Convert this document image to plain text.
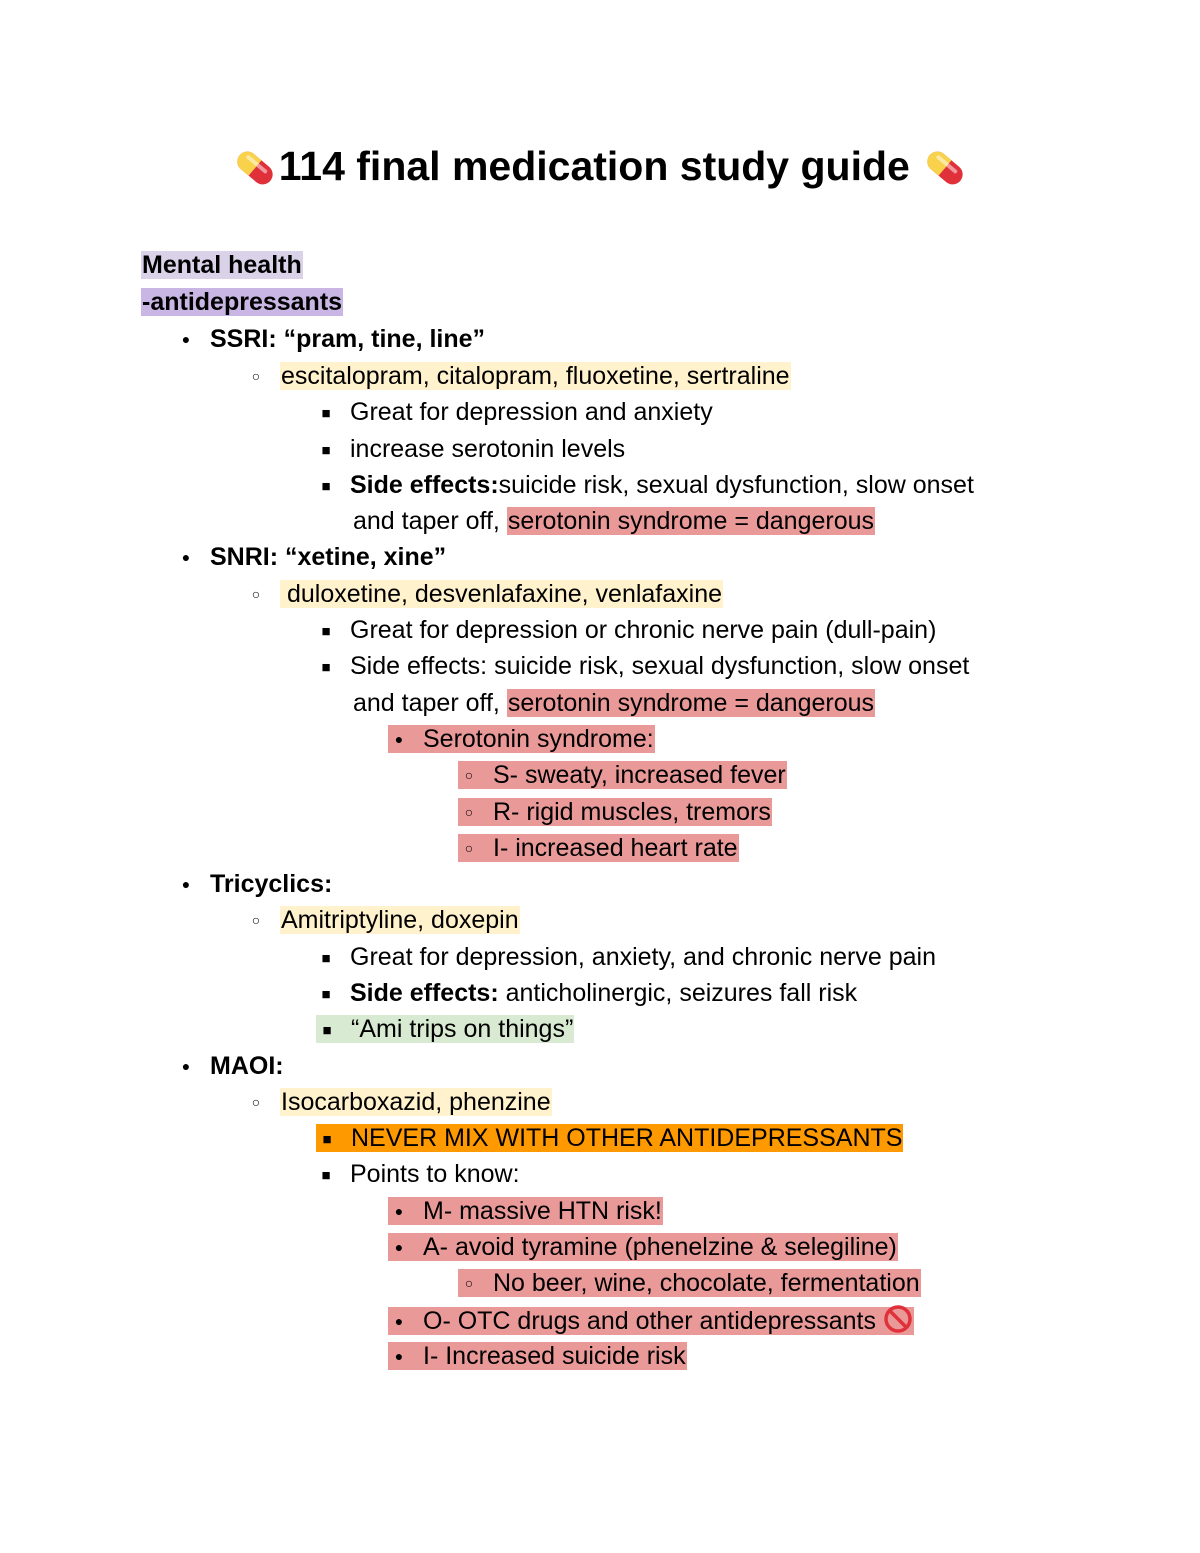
114 final medication study guide
Mental health
-antidepressants
●SSRI: “pram, tine, line”
○escitalopram, citalopram, fluoxetine, sertraline
■Great for depression and anxiety
■increase serotonin levels
■Side effects:suicide risk, sexual dysfunction, slow onset
and taper off, serotonin syndrome = dangerous
●SNRI: “xetine, xine”
○duloxetine, desvenlafaxine, venlafaxine
■Great for depression or chronic nerve pain (dull-pain)
■Side effects: suicide risk, sexual dysfunction, slow onset
and taper off, serotonin syndrome = dangerous
●Serotonin syndrome:
○S- sweaty, increased fever
○R- rigid muscles, tremors
○I- increased heart rate
●Tricyclics:
○Amitriptyline, doxepin
■Great for depression, anxiety, and chronic nerve pain
■Side effects: anticholinergic, seizures fall risk
■“Ami trips on things”
●MAOI:
○Isocarboxazid, phenzine
■NEVER MIX WITH OTHER ANTIDEPRESSANTS
■Points to know:
●M- massive HTN risk!
●A- avoid tyramine (phenelzine & selegiline)
○No beer, wine, chocolate, fermentation
●O- OTC drugs and other antidepressants
●I- Increased suicide risk
